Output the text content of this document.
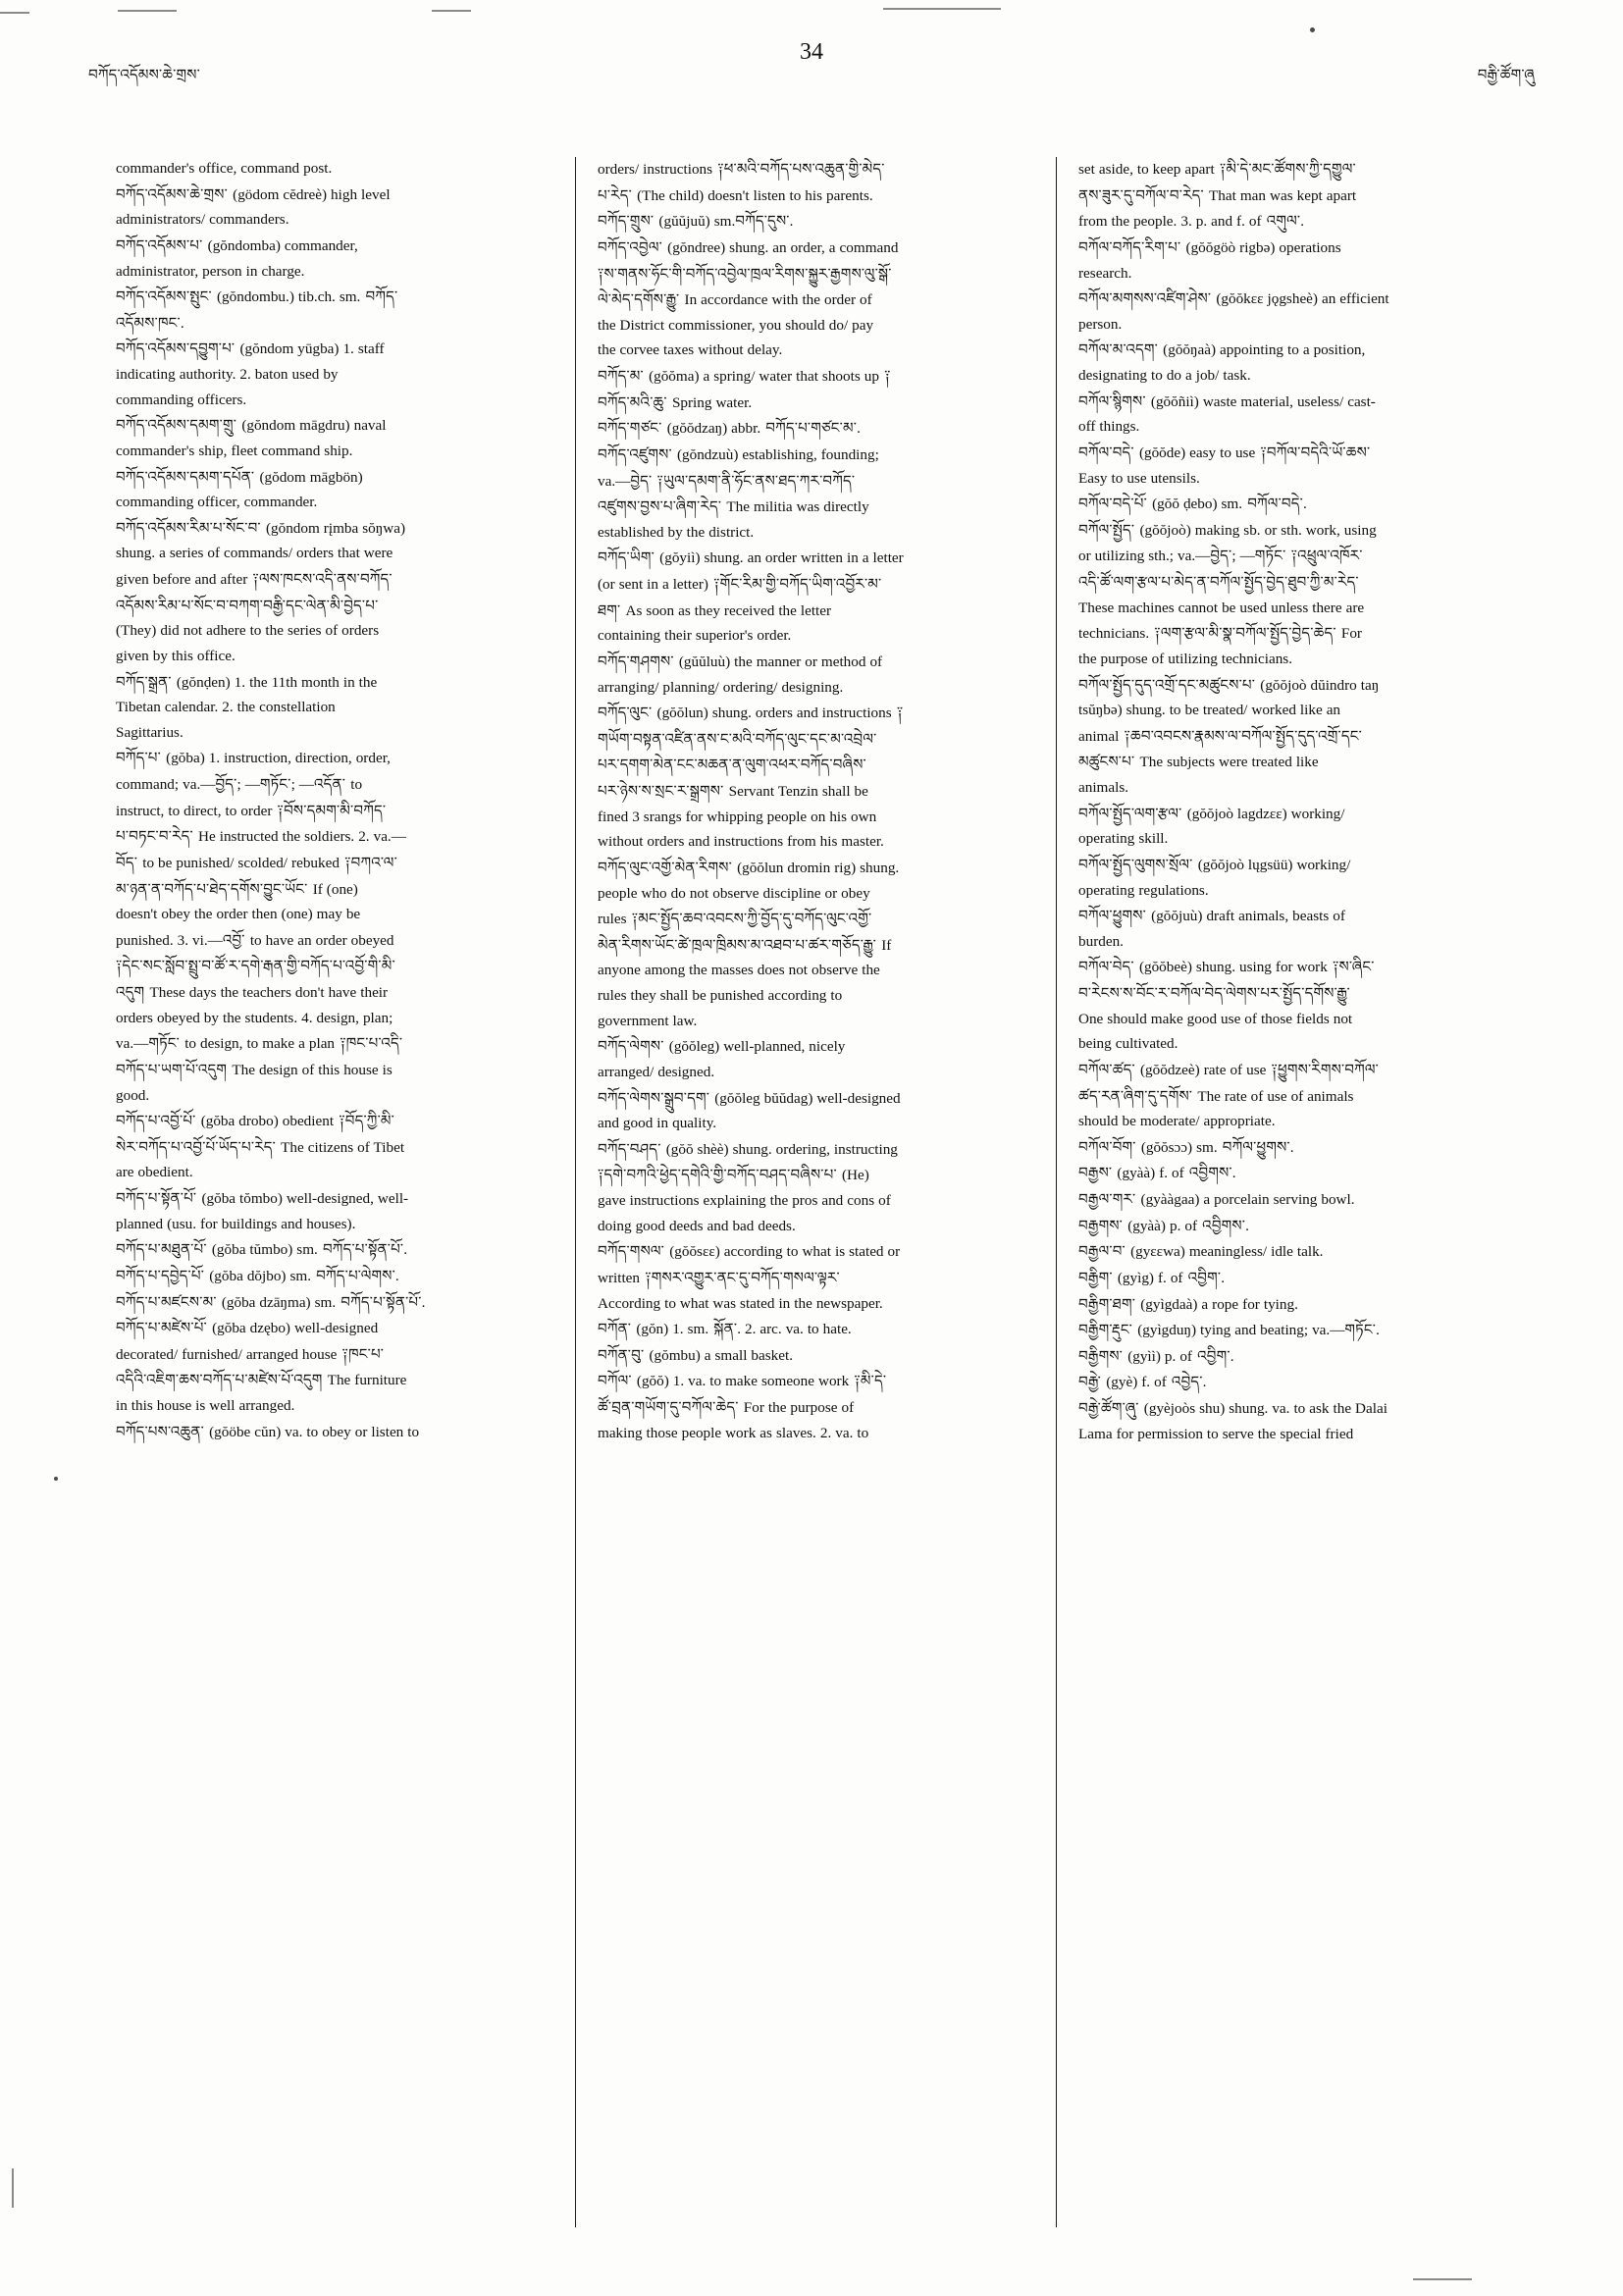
བཀོད་འདོམས་ཆེ་གྲས་
34
བརྒྱི་ཚོག་ཞུ
commander's office, command post.
བཀོད་འདོམས་ཆེ་གྲས་ (gödom cĕdreè) high level
administrators/ commanders.
བཀོད་འདོམས་པ་ (gŏndomba) commander,
administrator, person in charge.
བཀོད་འདོམས་སྤུང་ (gŏndombu.) tib.ch. sm. བཀོད་
འདོམས་ཁང་.
བཀོད་འདོམས་དབྱུག་པ་ (gŏndom yūgba) 1. staff
indicating authority. 2. baton used by
commanding officers.
བཀོད་འདོམས་དམག་གྲུ་ (gŏndom māgdru) naval
commander's ship, fleet command ship.
བཀོད་འདོམས་དམག་དཔོན་ (gŏdom māgbön)
commanding officer, commander.
བཀོད་འདོམས་རིམ་པ་སོང་བ་ (gŏndom rįmba sŏŋwa)
shung. a series of commands/ orders that were
given before and after ༑ལས་ཁངས་འདི་ནས་བཀོད་
འདོམས་རིམ་པ་སོང་བ་བཀག་བརྒྱི་དང་ལེན་མི་བྱེད་པ་
(They) did not adhere to the series of orders
given by this office.
བཀོད་སྒྲན་ (gŏnḍen) 1. the 11th month in the
Tibetan calendar. 2. the constellation
Sagittarius.
བཀོད་པ་ (gŏba) 1. instruction, direction, order,
command; va.—བྱོད་; —གཏོང་; —འདོན་ to
instruct, to direct, to order ༑བོས་དམག་མི་བཀོད་
པ་བཏང་བ་རེད་ He instructed the soldiers. 2. va.—
བོད་ to be punished/ scolded/ rebuked ༑བཀའ་ལ་
མ་ཉན་ན་བཀོད་པ་ཐེད་དགོས་བྱུང་ཡོང་ If (one)
doesn't obey the order then (one) may be
punished. 3. vi.—འབྱོ་ to have an order obeyed
༑དེང་སང་སློབ་སྤྲུ་བ་ཚོ་ར་དགེ་རྒན་གྱི་བཀོད་པ་འབྱོ་གི་མི་
འདུག These days the teachers don't have their
orders obeyed by the students. 4. design, plan;
va.—གཏོང་ to design, to make a plan ༑ཁང་པ་འདི་
བཀོད་པ་ཡག་པོ་འདུག The design of this house is
good.
བཀོད་པ་འབྱོ་པོ་ (gŏba drobo) obedient ༑བོད་ཀྱི་མི་
སེར་བཀོད་པ་འབྱོ་པོ་ཡོད་པ་རེད་ The citizens of Tibet
are obedient.
བཀོད་པ་སྟོན་པོ་ (gŏba tŏmbo) well-designed, well-
planned (usu. for buildings and houses).
བཀོད་པ་མཐུན་པོ་ (gŏba tŭmbo) sm. བཀོད་པ་སྟོན་པོ་.
བཀོད་པ་དབྱེད་པོ་ (gŏba dŏjbo) sm. བཀོད་པ་ལེགས་.
བཀོད་པ་མཛངས་མ་ (gŏba dzāŋma) sm. བཀོད་པ་སྟོན་པོ་.
བཀོད་པ་མཛེས་པོ་ (gŏba dzębo) well-designed
decorated/ furnished/ arranged house ༑ཁང་པ་
འདིའི་འཇིག་ཆས་བཀོད་པ་མཛེས་པོ་འདུག The furniture
in this house is well arranged.
བཀོད་པས་འཆུན་ (gŏöbe cŭn) va. to obey or listen to
orders/ instructions ༑ཕ་མའི་བཀོད་པས་འཆུན་གྱི་མེད་
པ་རེད་ (The child) doesn't listen to his parents.
བཀོད་གྲུས་ (gŭŭjuŭ) sm.བཀོད་དུས་.
བཀོད་འབྱེལ་ (gŏndree) shung. an order, a command
༑ས་གནས་ཧོང་གི་བཀོད་འབྱེལ་ཁྲལ་རིགས་སྐྱུར་རྒྱགས་ལུ་སྒོ་
ལེ་མེད་དགོས་རྒྱུ་ In accordance with the order of
the District commissioner, you should do/ pay
the corvee taxes without delay.
བཀོད་མ་ (gŏŏma) a spring/ water that shoots up ༑
བཀོད་མའི་ཆུ་ Spring water.
བཀོད་གཙང་ (gŏŏdzaŋ) abbr. བཀོད་པ་གཙང་མ་.
བཀོད་འཛུགས་ (gŏndzuù) establishing, founding;
va.—བྱེད་ ༑ཡུལ་དམག་ནི་ཧོང་ནས་ཐད་ཀར་བཀོད་
འཛུགས་བྱས་པ་ཞིག་རེད་ The militia was directly
established by the district.
བཀོད་ཡིག་ (gŏyiì) shung. an order written in a letter
(or sent in a letter) ༑གོང་རིམ་གྱི་བཀོད་ཡིག་འབྱོར་མ་
ཐག་ As soon as they received the letter
containing their superior's order.
བཀོད་གཤགས་ (gŭŭluù) the manner or method of
arranging/ planning/ ordering/ designing.
བཀོད་ལུང་ (gŏŏlun) shung. orders and instructions ༑
གཡོག་བསྟན་འཛིན་ནས་ང་མའི་བཀོད་ལུང་དང་མ་འབྲེལ་
པར་དགག་མེན་ངང་མཆན་ན་ལུག་འཕར་བཀོད་བཞིས་
པར་ཉེས་ས་སྲང་ར་སྒྲགས་ Servant Tenzin shall be
fined 3 srangs for whipping people on his own
without orders and instructions from his master.
བཀོད་ལུང་འགྱོ་མེན་རིགས་ (gŏŏlun dromin rig) shung.
people who do not observe discipline or obey
rules ༑མང་སྤྱོད་ཆབ་འབངས་ཀྱི་བྱོད་དུ་བཀོད་ལུང་འགྱོ་
མེན་རིགས་ཡོང་ཚེ་ཁྲལ་ཁྲིམས་མ་འཐབ་པ་ཚར་གཅོད་རྒྱུ་ If
anyone among the masses does not observe the
rules they shall be punished according to
government law.
བཀོད་ལེགས་ (gŏŏleg) well-planned, nicely
arranged/ designed.
བཀོད་ལེགས་སྒྲུབ་དག་ (gŏŏleg bŭŭdag) well-designed
and good in quality.
བཀོད་བཤད་ (gŏŏ shèè) shung. ordering, instructing
༑དགེ་བཀའི་ཕྱེད་དགེའི་གྱི་བཀོད་བཤད་བཞིས་པ་ (He)
gave instructions explaining the pros and cons of
doing good deeds and bad deeds.
བཀོད་གསལ་ (gŏŏsɛɛ) according to what is stated or
written ༑གསར་འགྱུར་ནང་དུ་བཀོད་གསལ་ལྟར་
According to what was stated in the newspaper.
བཀོན་ (gŏn) 1. sm. སྐོན་. 2. arc. va. to hate.
བཀོན་བུ་ (gŏmbu) a small basket.
བཀོལ་ (gŏŏ) 1. va. to make someone work ༑མི་དེ་
ཚོ་བྲན་གཡོག་དུ་བཀོལ་ཆེད་ For the purpose of
making those people work as slaves. 2. va. to
set aside, to keep apart ༑མི་དེ་མང་ཚོགས་ཀྱི་དགྱུལ་
ནས་ཟུར་དུ་བཀོལ་བ་རེད་ That man was kept apart
from the people. 3. p. and f. of འགུལ་.
བཀོལ་བཀོད་རིག་པ་ (gŏŏgöò rigbə) operations
research.
བཀོལ་མགསས་འཛིག་ཤེས་ (gŏŏkɛɛ jǫgsheè) an efficient
person.
བཀོལ་མ་འདག་ (gŏŏŋaà) appointing to a position,
designating to do a job/ task.
བཀོལ་སྙིགས་ (gŏŏñiì) waste material, useless/ cast-
off things.
བཀོལ་བདེ་ (gŏŏde) easy to use ༑བཀོལ་བདེའི་ཡོ་ཆས་
Easy to use utensils.
བཀོལ་བདེ་པོ་ (gŏŏ ḍebo) sm. བཀོལ་བདེ་.
བཀོལ་སྤྱོད་ (gŏŏjoò) making sb. or sth. work, using
or utilizing sth.; va.—བྱེད་; —གཏོང་ ༑འཕྲུལ་འཁོར་
འདི་ཚོ་ལག་རྩལ་པ་མེད་ན་བཀོལ་སྤྱོད་བྱེད་ཐུབ་ཀྱི་མ་རེད་
These machines cannot be used unless there are
technicians. ༑ལག་རྩལ་མི་སྣ་བཀོལ་སྤྱོད་བྱེད་ཆེད་ For
the purpose of utilizing technicians.
བཀོལ་སྤྱོད་དུད་འགྲོ་དང་མཚུངས་པ་ (gŏŏjoò dŭindro taŋ
tsŭŋbə) shung. to be treated/ worked like an
animal ༑ཆབ་འབངས་རྣམས་ལ་བཀོལ་སྤྱོད་དུད་འགྲོ་དང་
མཚུངས་པ་ The subjects were treated like
animals.
བཀོལ་སྤྱོད་ལག་རྩལ་ (gŏŏjoò lagdzɛɛ) working/
operating skill.
བཀོལ་སྤྱོད་ལུགས་སྲོལ་ (gŏŏjoò lųgsüü) working/
operating regulations.
བཀོལ་ཕྱུགས་ (gŏŏjuù) draft animals, beasts of
burden.
བཀོལ་བེད་ (gŏŏbeè) shung. using for work ༑ས་ཞིང་
བ་རེངས་ས་བོང་ར་བཀོལ་བེད་ལེགས་པར་སྤྱོད་དགོས་རྒྱུ་
One should make good use of those fields not
being cultivated.
བཀོལ་ཚད་ (gŏŏdzeè) rate of use ༑ཕྱུགས་རིགས་བཀོལ་
ཚད་རན་ཞིག་དུ་དགོས་ The rate of use of animals
should be moderate/ appropriate.
བཀོལ་བོག་ (gŏŏsɔɔ) sm. བཀོལ་ཕྱུགས་.
བརྒྱས་ (gyàà) f. of འབྱིགས་.
བརྒྱལ་གར་ (gyààgaa) a porcelain serving bowl.
བརྒྱགས་ (gyàà) p. of འབྱིགས་.
བརྒྱལ་བ་ (gyɛɛwa) meaningless/ idle talk.
བརྒྱིག་ (gyìg) f. of འབྱིག་.
བརྒྱིག་ཐག་ (gyìgdaà) a rope for tying.
བརྒྱིག་རྡུང་ (gyìgduŋ) tying and beating; va.—གཏོང་.
བརྒྱིགས་ (gyìì) p. of འབྱིག་.
བརྒྱེ་ (gyè) f. of འབྱེད་.
བརྒྱེ་ཚོག་ཞུ་ (gyèjoòs shu) shung. va. to ask the Dalai
Lama for permission to serve the special fried
